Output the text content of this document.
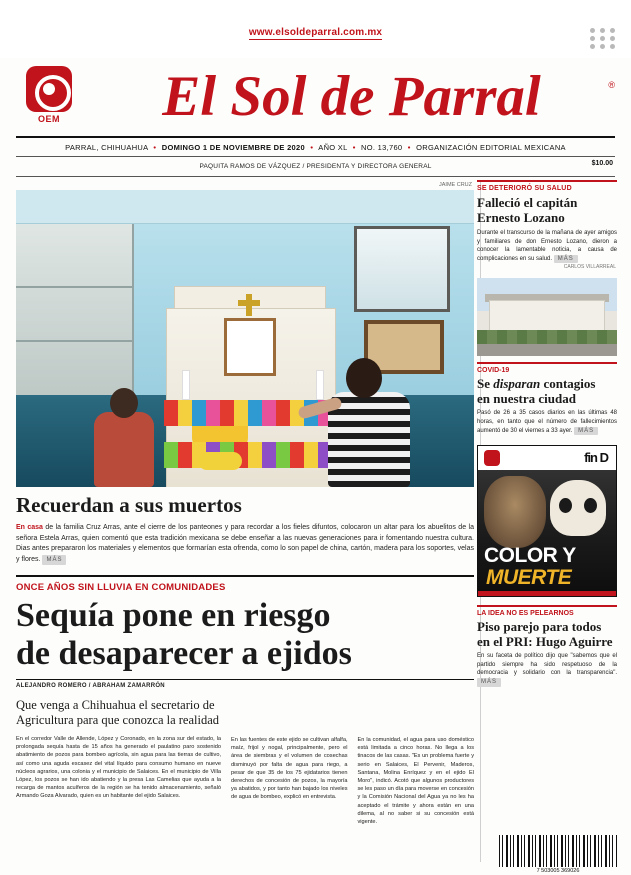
www.elsoldeparral.com.mx
OEM	El Sol de Parral	®
PARRAL, CHIHUAHUA • DOMINGO 1 DE NOVIEMBRE DE 2020 • AÑO XL • NO. 13,760 • ORGANIZACIÓN EDITORIAL MEXICANA
PAQUITA RAMOS DE VÁZQUEZ / PRESIDENTA Y DIRECTORA GENERAL	$10.00
JAIME CRUZ
Recuerdan a sus muertos
En casa de la familia Cruz Arras, ante el cierre de los panteones y para recordar a los fieles difuntos, colocaron un altar para los abuelitos de la señora Estela Arras, quien comentó que esta tradición mexicana se debe enseñar a las nuevas generaciones para ir fomentando nuestra cultura. Dias antes prepararon los materiales y elementos que formarían esta ofrenda, como lo son papel de china, cartón, madera para los soportes, velas y flores. MÁS
ONCE AÑOS SIN LLUVIA EN COMUNIDADES
Sequía pone en riesgo
de desaparecer a ejidos
ALEJANDRO ROMERO / ABRAHAM ZAMARRÓN
Que venga a Chihuahua el secretario de Agricultura para que conozca la realidad
En el corredor Valle de Allende, López y Coronado, en la zona sur del estado, la prolongada sequía hasta de 15 años ha generado el paulatino paro sostenido abatimiento de pozos para bombeo agrícola, sin agua para las tierras de cultivo, así como una aguda escasez del vital líquido para consumo humano en nueve núcleos agrarios, una colonia y el municipio de Salaices. En el municipio de Villa López, los pozos se han ido abatiendo y la presa Las Camelias que ayuda a la recarga de mantos acuíferos de la región se ha tenido almacenamiento, señaló Armando Goza Alvarado, quien es un habitante del ejido Salaices.
En las fuentes de este ejido se cultivan alfalfa, maíz, frijol y nogal, principalmente, pero el área de siembras y el volumen de cosechas disminuyó por falta de agua para riego, a pesar de que 35 de los 75 ejidatarios tienen derechos de concesión de pozos, la mayoría ya abatidos, y por tanto han bajado los niveles de agua de bombeo, explicó en entrevista.
En la comunidad, el agua para uso doméstico está limitada a cinco horas. No llega a los tinacos de las casas. "Es un problema fuerte y serio en Salaices, El Pervenir, Maderos, Santana, Molina Enríquez y en el ejido El Moro", indicó. Acotó que algunos productores se les paso un día para moverse en concesión y la Comisión Nacional del Agua ya no les ha aceptado el trámite y ahora están en una dilema, al no saber si su concesión está vigente.
SE DETERIORÓ SU SALUD
Falleció el capitán
Ernesto Lozano
Durante el transcurso de la mañana de ayer amigos y familiares de don Ernesto Lozano, dieron a conocer la lamentable noticia, a causa de complicaciones en su salud. MÁS
CARLOS VILLARREAL
COVID-19
Se disparan contagios
en nuestra ciudad
Pasó de 26 a 35 casos diarios en las últimas 48 horas, en tanto que el número de fallecimientos aumentó de 30 el viernes a 33 ayer. MÁS
fin D
COLOR Y
MUERTE
LA IDEA NO ES PELEARNOS
Piso parejo para todos
en el PRI: Hugo Aguirre
En su faceta de político dijo que "sabemos que el partido siempre ha sido respetuoso de la democracia y solidario con la transparencia". MÁS
7 503005 369026
